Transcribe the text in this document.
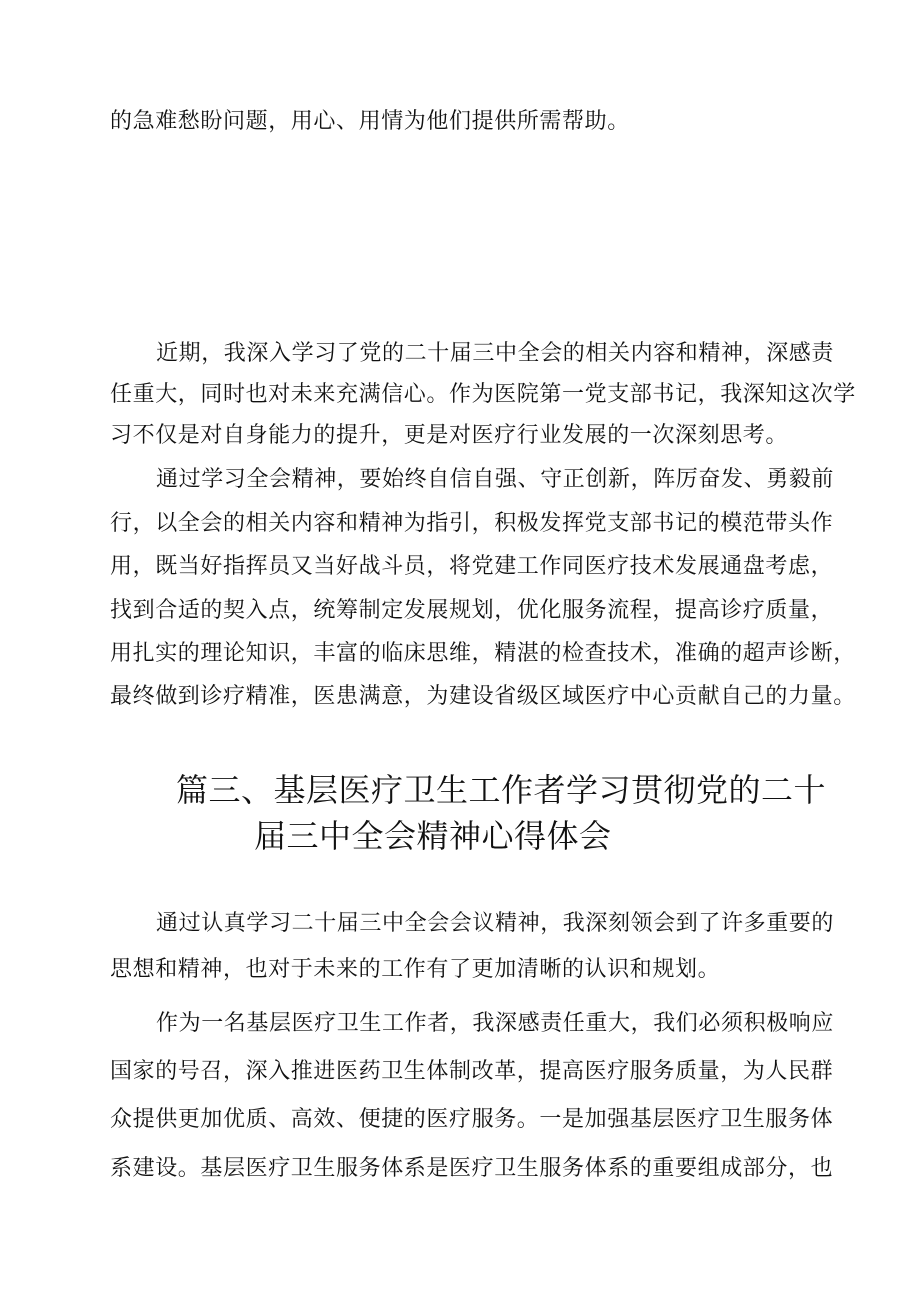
的急难愁盼问题，用心、用情为他们提供所需帮助。
近期，我深入学习了党的二十届三中全会的相关内容和精神，深感责
任重大，同时也对未来充满信心。作为医院第一党支部书记，我深知这次学
习不仅是对自身能力的提升，更是对医疗行业发展的一次深刻思考。
通过学习全会精神，要始终自信自强、守正创新，阵厉奋发、勇毅前
行，以全会的相关内容和精神为指引，积极发挥党支部书记的模范带头作
用，既当好指挥员又当好战斗员，将党建工作同医疗技术发展通盘考虑，
找到合适的契入点，统筹制定发展规划，优化服务流程，提高诊疗质量，
用扎实的理论知识，丰富的临床思维，精湛的检查技术，准确的超声诊断，
最终做到诊疗精准，医患满意，为建设省级区域医疗中心贡献自己的力量。
篇三、基层医疗卫生工作者学习贯彻党的二十
届三中全会精神心得体会
通过认真学习二十届三中全会会议精神，我深刻领会到了许多重要的
思想和精神，也对于未来的工作有了更加清晰的认识和规划。
作为一名基层医疗卫生工作者，我深感责任重大，我们必须积极响应
国家的号召，深入推进医药卫生体制改革，提高医疗服务质量，为人民群
众提供更加优质、高效、便捷的医疗服务。一是加强基层医疗卫生服务体
系建设。基层医疗卫生服务体系是医疗卫生服务体系的重要组成部分，也
